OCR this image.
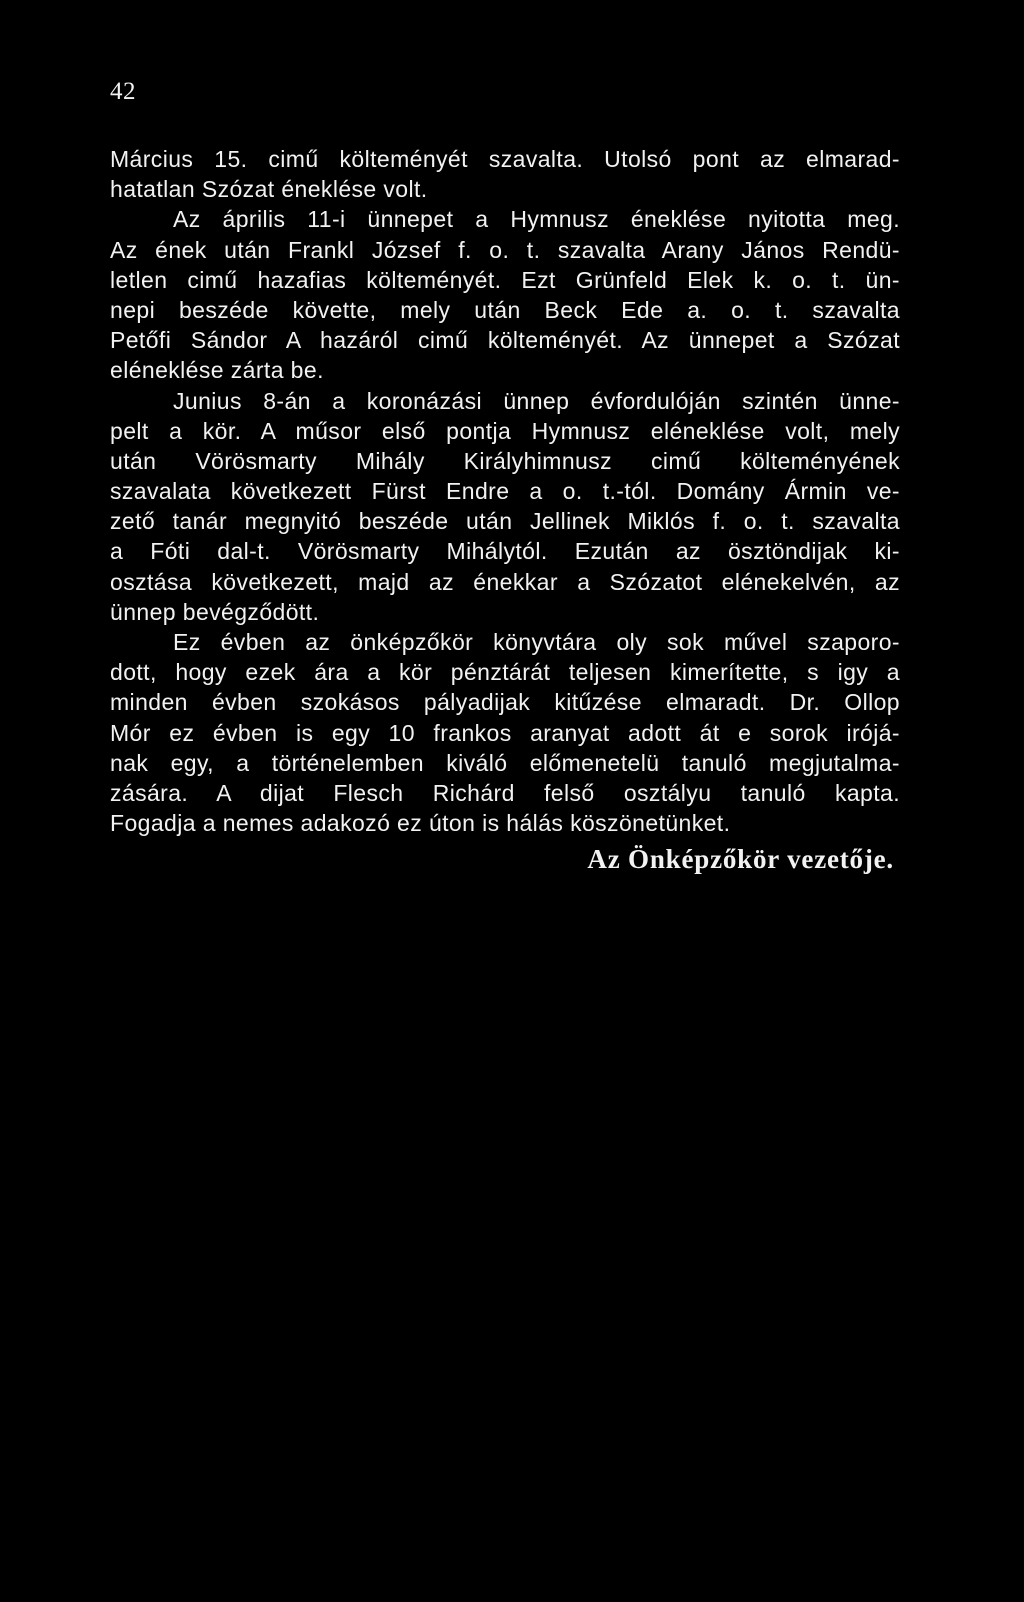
42
Március 15. cimű költeményét szavalta. Utolsó pont az elmarad-
hatatlan Szózat éneklése volt.
Az április 11-i ünnepet a Hymnusz éneklése nyitotta meg.
Az ének után Frankl József f. o. t. szavalta Arany János Rendü-
letlen cimű hazafias költeményét. Ezt Grünfeld Elek k. o. t. ün-
nepi beszéde követte, mely után Beck Ede a. o. t. szavalta
Petőfi Sándor A hazáról cimű költeményét. Az ünnepet a Szózat
eléneklése zárta be.
Junius 8-án a koronázási ünnep évfordulóján szintén ünne-
pelt a kör. A műsor első pontja Hymnusz eléneklése volt, mely
után Vörösmarty Mihály Királyhimnusz cimű költeményének
szavalata következett Fürst Endre a o. t.-tól. Domány Ármin ve-
zető tanár megnyitó beszéde után Jellinek Miklós f. o. t. szavalta
a Fóti dal-t. Vörösmarty Mihálytól. Ezután az ösztöndijak ki-
osztása következett, majd az énekkar a Szózatot elénekelvén, az
ünnep bevégződött.
Ez évben az önképzőkör könyvtára oly sok művel szaporo-
dott, hogy ezek ára a kör pénztárát teljesen kimerítette, s igy a
minden évben szokásos pályadijak kitűzése elmaradt. Dr. Ollop
Mór ez évben is egy 10 frankos aranyat adott át e sorok irójá-
nak egy, a történelemben kiváló előmenetelü tanuló megjutalma-
zására. A dijat Flesch Richárd felső osztályu tanuló kapta.
Fogadja a nemes adakozó ez úton is hálás köszönetünket.
Az Önképzőkör vezetője.
